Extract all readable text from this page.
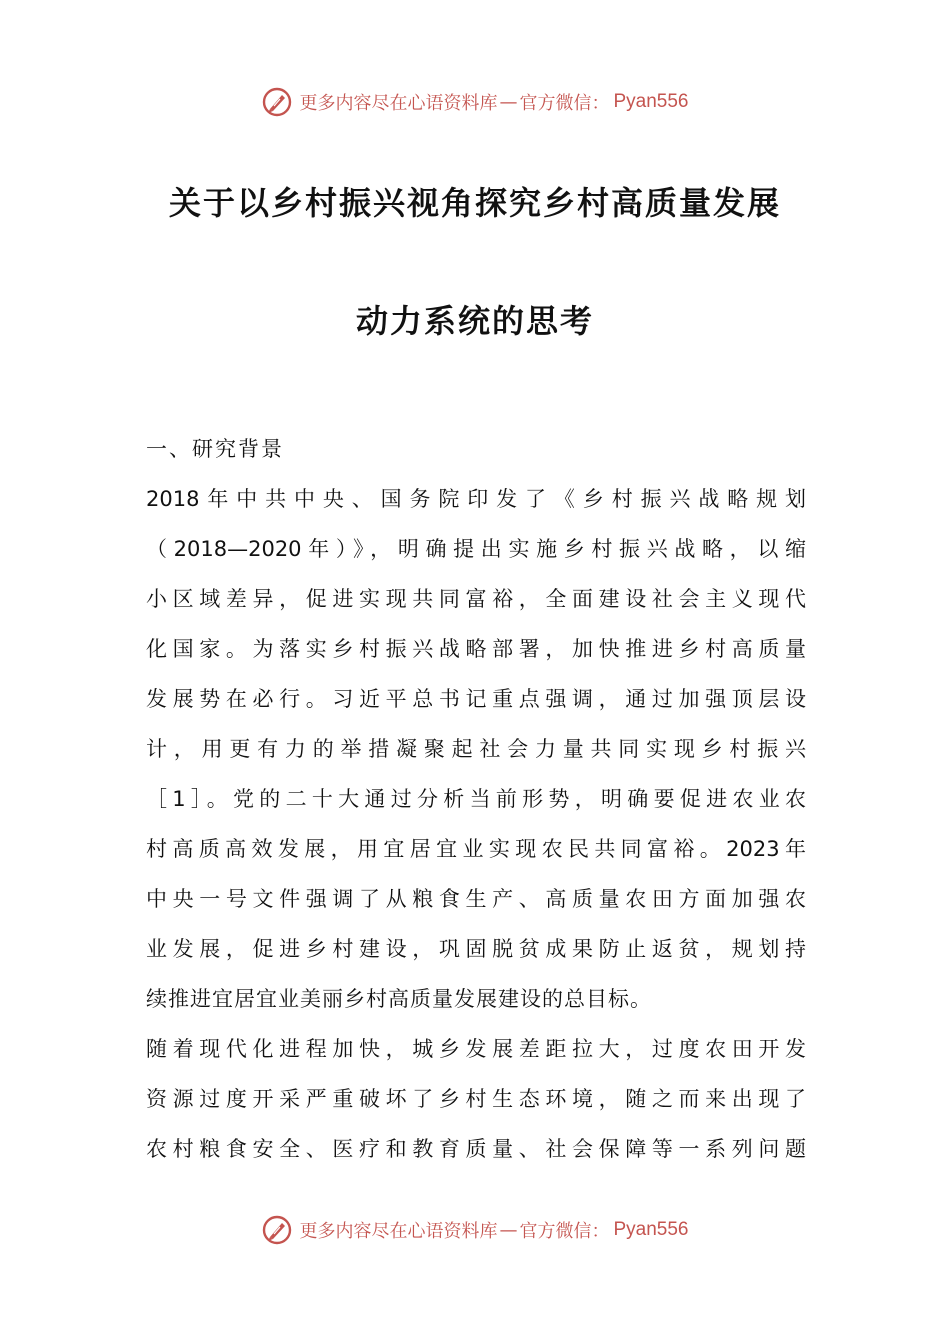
更多内容尽在心语资料库 — 官方微信： Pyan556
关于以乡村振兴视角探究乡村高质量发展
动力系统的思考
一、研究背景
2018年中共中央、国务院印发了《乡村振兴战略规划
（2018—2020年）》，明确提出实施乡村振兴战略，以缩
小区域差异，促进实现共同富裕，全面建设社会主义现代
化国家。为落实乡村振兴战略部署，加快推进乡村高质量
发展势在必行。习近平总书记重点强调，通过加强顶层设
计，用更有力的举措凝聚起社会力量共同实现乡村振兴
［1］。党的二十大通过分析当前形势，明确要促进农业农
村高质高效发展，用宜居宜业实现农民共同富裕。2023年
中央一号文件强调了从粮食生产、高质量农田方面加强农
业发展，促进乡村建设，巩固脱贫成果防止返贫，规划持
续推进宜居宜业美丽乡村高质量发展建设的总目标。
随着现代化进程加快，城乡发展差距拉大，过度农田开发
资源过度开采严重破坏了乡村生态环境，随之而来出现了
农村粮食安全、医疗和教育质量、社会保障等一系列问题
更多内容尽在心语资料库 — 官方微信： Pyan556
